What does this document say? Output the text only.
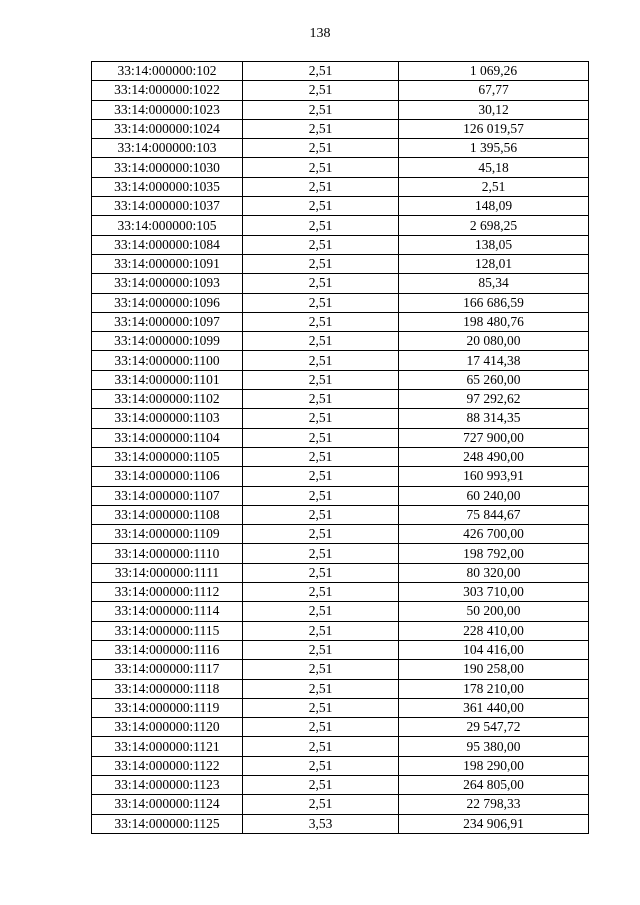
138
33:14:000000:102	2,51	1 069,26
33:14:000000:1022	2,51	67,77
33:14:000000:1023	2,51	30,12
33:14:000000:1024	2,51	126 019,57
33:14:000000:103	2,51	1 395,56
33:14:000000:1030	2,51	45,18
33:14:000000:1035	2,51	2,51
33:14:000000:1037	2,51	148,09
33:14:000000:105	2,51	2 698,25
33:14:000000:1084	2,51	138,05
33:14:000000:1091	2,51	128,01
33:14:000000:1093	2,51	85,34
33:14:000000:1096	2,51	166 686,59
33:14:000000:1097	2,51	198 480,76
33:14:000000:1099	2,51	20 080,00
33:14:000000:1100	2,51	17 414,38
33:14:000000:1101	2,51	65 260,00
33:14:000000:1102	2,51	97 292,62
33:14:000000:1103	2,51	88 314,35
33:14:000000:1104	2,51	727 900,00
33:14:000000:1105	2,51	248 490,00
33:14:000000:1106	2,51	160 993,91
33:14:000000:1107	2,51	60 240,00
33:14:000000:1108	2,51	75 844,67
33:14:000000:1109	2,51	426 700,00
33:14:000000:1110	2,51	198 792,00
33:14:000000:1111	2,51	80 320,00
33:14:000000:1112	2,51	303 710,00
33:14:000000:1114	2,51	50 200,00
33:14:000000:1115	2,51	228 410,00
33:14:000000:1116	2,51	104 416,00
33:14:000000:1117	2,51	190 258,00
33:14:000000:1118	2,51	178 210,00
33:14:000000:1119	2,51	361 440,00
33:14:000000:1120	2,51	29 547,72
33:14:000000:1121	2,51	95 380,00
33:14:000000:1122	2,51	198 290,00
33:14:000000:1123	2,51	264 805,00
33:14:000000:1124	2,51	22 798,33
33:14:000000:1125	3,53	234 906,91
